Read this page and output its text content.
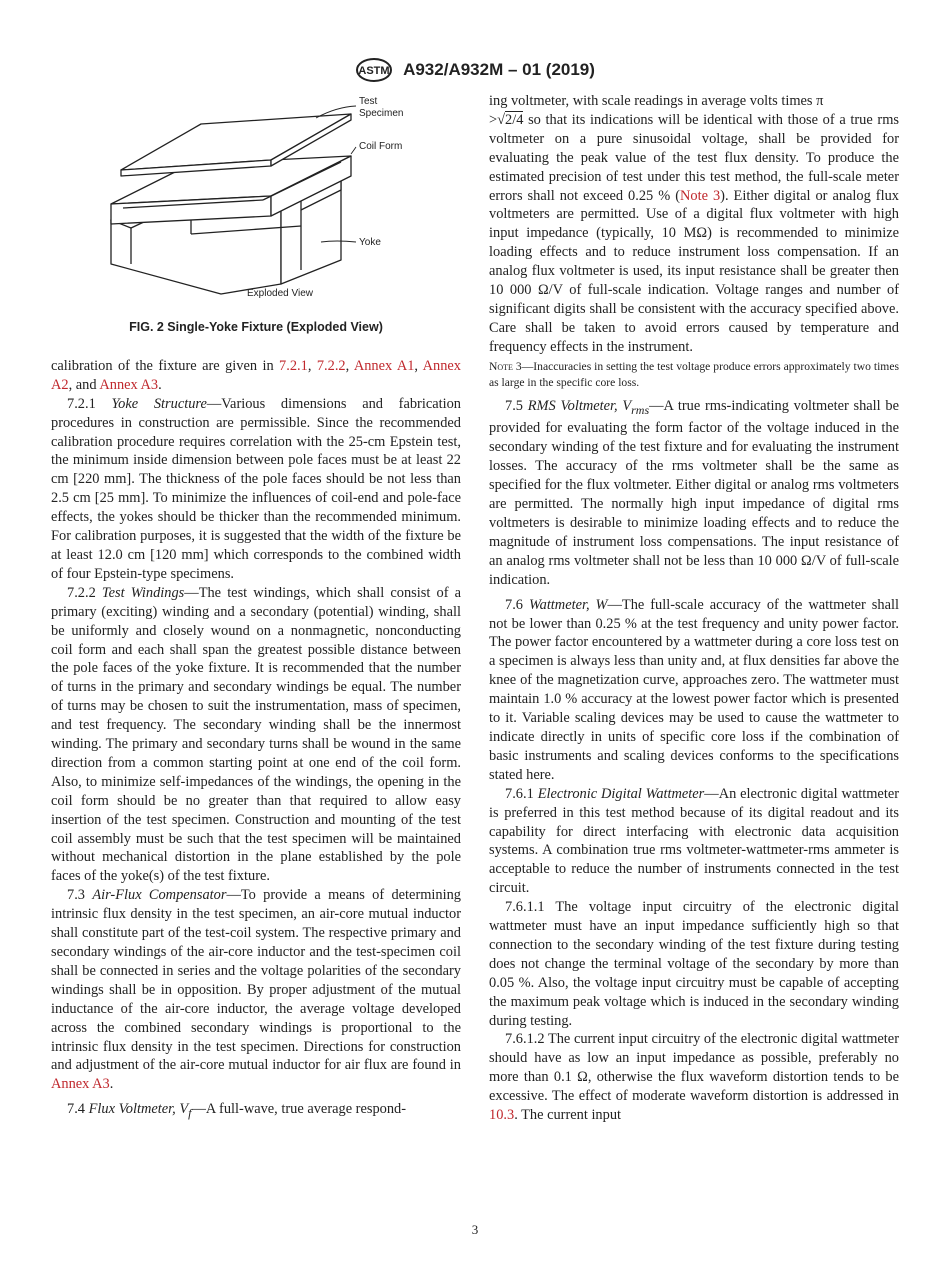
ASTM A932/A932M – 01 (2019)
Test
Specimen
Coil Form
Yoke
Exploded View
FIG. 2 Single-Yoke Fixture (Exploded View)

calibration of the fixture are given in 7.2.1, 7.2.2, Annex A1, Annex A2, and Annex A3.

7.2.1 Yoke Structure—Various dimensions and fabrication procedures in construction are permissible. Since the recommended calibration procedure requires correlation with the 25-cm Epstein test, the minimum inside dimension between pole faces must be at least 22 cm [220 mm]. The thickness of the pole faces should be not less than 2.5 cm [25 mm]. To minimize the influences of coil-end and pole-face effects, the yokes should be thicker than the recommended minimum. For calibration purposes, it is suggested that the width of the fixture be at least 12.0 cm [120 mm] which corresponds to the combined width of four Epstein-type specimens.

7.2.2 Test Windings—The test windings, which shall consist of a primary (exciting) winding and a secondary (potential) winding, shall be uniformly and closely wound on a nonmagnetic, nonconducting coil form and each shall span the greatest possible distance between the pole faces of the yoke fixture. It is recommended that the number of turns in the primary and secondary windings be equal. The number of turns may be chosen to suit the instrumentation, mass of specimen, and test frequency. The secondary winding shall be the innermost winding. The primary and secondary turns shall be wound in the same direction from a common starting point at one end of the coil form. Also, to minimize self-impedances of the windings, the opening in the coil form should be no greater than that required to allow easy insertion of the test specimen. Construction and mounting of the test coil assembly must be such that the test specimen will be maintained without mechanical distortion in the plane established by the pole faces of the yoke(s) of the test fixture.

7.3 Air-Flux Compensator—To provide a means of determining intrinsic flux density in the test specimen, an air-core mutual inductor shall constitute part of the test-coil system. The respective primary and secondary windings of the air-core inductor and the test-specimen coil shall be connected in series and the voltage polarities of the secondary windings shall be in opposition. By proper adjustment of the mutual inductance of the air-core inductor, the average voltage developed across the combined secondary windings is proportional to the intrinsic flux density in the test specimen. Directions for construction and adjustment of the air-core mutual inductor for air flux are found in Annex A3.

7.4 Flux Voltmeter, $V_f—A$ full-wave, true average respond-

ing voltmeter, with scale readings in average volts times π
>√2/4 so that its indications will be identical with those of a true rms voltmeter on a pure sinusoidal voltage, shall be provided for evaluating the peak value of the test flux density. To produce the estimated precision of test under this test method, the full-scale meter errors shall not exceed 0.25 % (Note 3). Either digital or analog flux voltmeters are permitted. Use of a digital flux voltmeter with high input impedance (typically, 10 MΩ) is recommended to minimize loading effects and to reduce instrument loss compensation. If an analog flux voltmeter is used, its input resistance shall be greater then 10 000 Ω/V of full-scale indication. Voltage ranges and number of significant digits shall be consistent with the accuracy specified above. Care shall be taken to avoid errors caused by temperature and frequency effects in the instrument.

Note 3—Inaccuracies in setting the test voltage produce errors approximately two times as large in the specific core loss.

7.5 RMS Voltmeter, $V_{rms}—A$ true rms-indicating voltmeter shall be provided for evaluating the form factor of the voltage induced in the secondary winding of the test fixture and for evaluating the instrument losses. The accuracy of the rms voltmeter shall be the same as specified for the flux voltmeter. Either digital or analog rms voltmeters are permitted. The normally high input impedance of digital rms voltmeters is desirable to minimize loading effects and to reduce the magnitude of instrument loss compensations. The input resistance of an analog rms voltmeter shall not be less than 10 000 Ω/V of full-scale indication.

7.6 Wattmeter, W—The full-scale accuracy of the wattmeter shall not be lower than 0.25 % at the test frequency and unity power factor. The power factor encountered by a wattmeter during a core loss test on a specimen is always less than unity and, at flux densities far above the knee of the magnetization curve, approaches zero. The wattmeter must maintain 1.0 % accuracy at the lowest power factor which is presented to it. Variable scaling devices may be used to cause the wattmeter to indicate directly in units of specific core loss if the combination of basic instruments and scaling devices conforms to the specifications stated here.

7.6.1 Electronic Digital Wattmeter—An electronic digital wattmeter is preferred in this test method because of its digital readout and its capability for direct interfacing with electronic data acquisition systems. A combination true rms voltmeter-wattmeter-rms ammeter is acceptable to reduce the number of instruments connected in the test circuit.

7.6.1.1 The voltage input circuitry of the electronic digital wattmeter must have an input impedance sufficiently high so that connection to the secondary winding of the test fixture during testing does not change the terminal voltage of the secondary by more than 0.05 %. Also, the voltage input circuitry must be capable of accepting the maximum peak voltage which is induced in the secondary winding during testing.

7.6.1.2 The current input circuitry of the electronic digital wattmeter should have as low an input impedance as possible, preferably no more than 0.1 Ω, otherwise the flux waveform distortion tends to be excessive. The effect of moderate waveform distortion is addressed in 10.3. The current input

3
